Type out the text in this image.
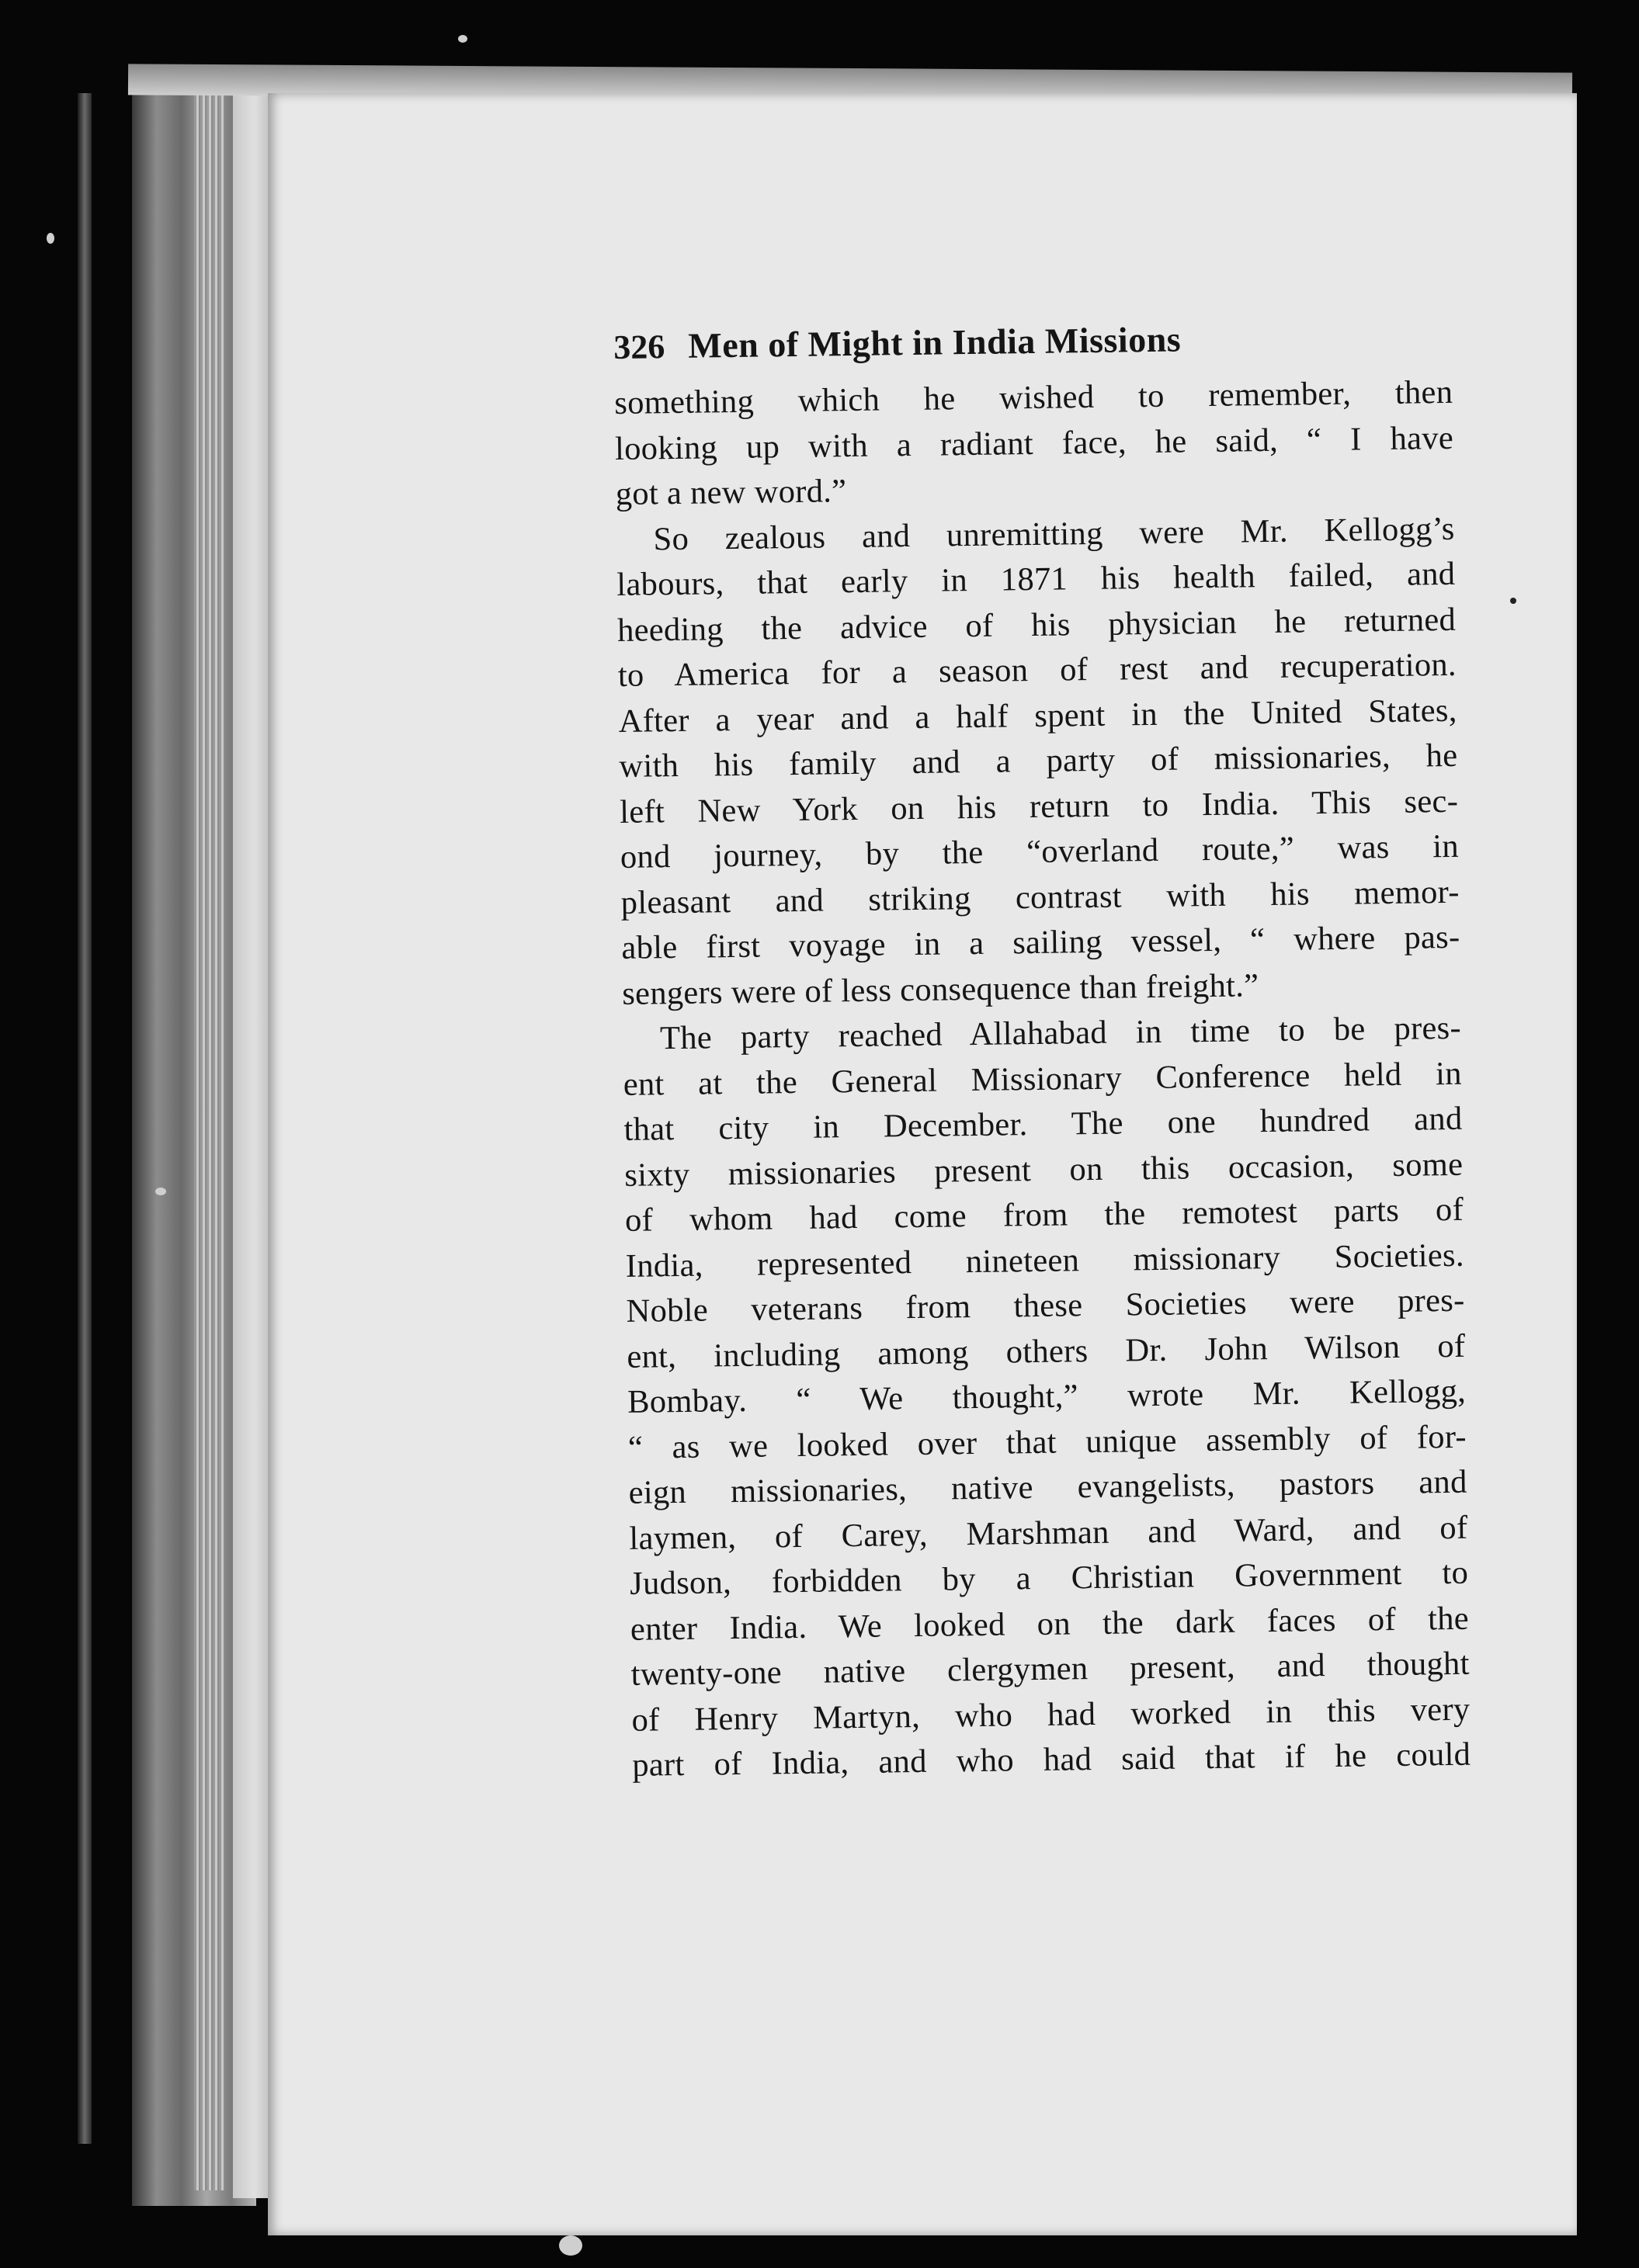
326 Men of Might in India Missions
something which he wished to remember, then
looking up with a radiant face, he said, “ I have
got a new word.”
So zealous and unremitting were Mr. Kellogg’s
labours, that early in 1871 his health failed, and
heeding the advice of his physician he returned
to America for a season of rest and recuperation.
After a year and a half spent in the United States,
with his family and a party of missionaries, he
left New York on his return to India. This sec-
ond journey, by the “overland route,” was in
pleasant and striking contrast with his memor-
able first voyage in a sailing vessel, “ where pas-
sengers were of less consequence than freight.”
The party reached Allahabad in time to be pres-
ent at the General Missionary Conference held in
that city in December. The one hundred and
sixty missionaries present on this occasion, some
of whom had come from the remotest parts of
India, represented nineteen missionary Societies.
Noble veterans from these Societies were pres-
ent, including among others Dr. John Wilson of
Bombay. “ We thought,” wrote Mr. Kellogg,
“ as we looked over that unique assembly of for-
eign missionaries, native evangelists, pastors and
laymen, of Carey, Marshman and Ward, and of
Judson, forbidden by a Christian Government to
enter India. We looked on the dark faces of the
twenty-one native clergymen present, and thought
of Henry Martyn, who had worked in this very
part of India, and who had said that if he could
